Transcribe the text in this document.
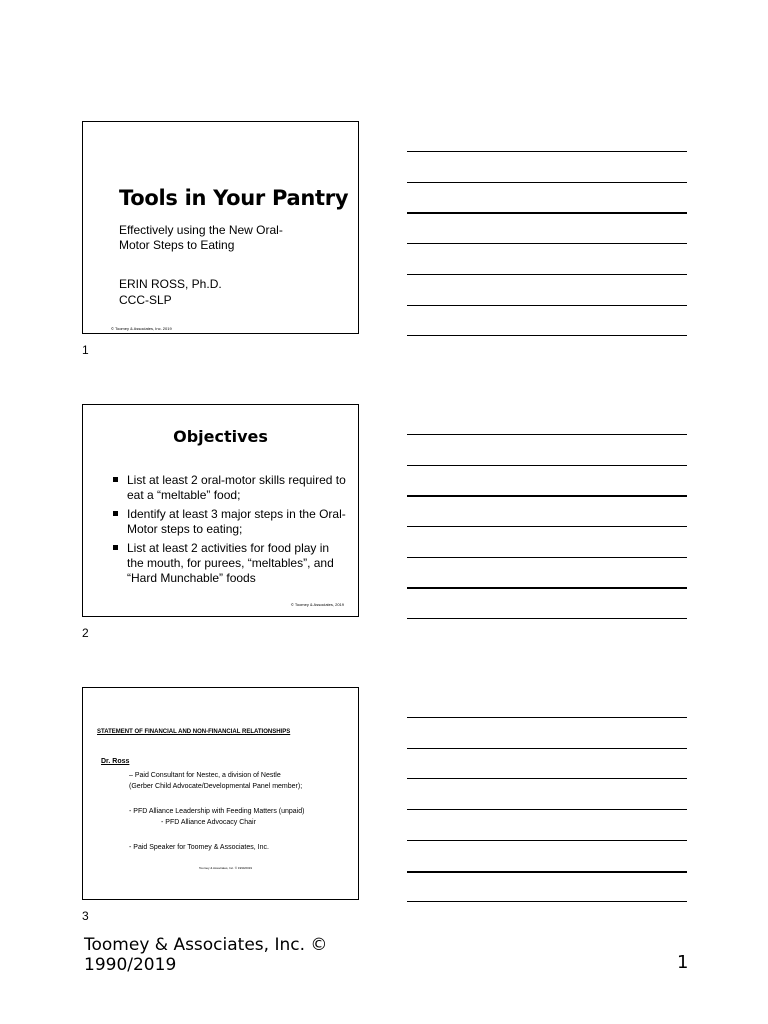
Tools in Your Pantry
Effectively using the New Oral-
Motor Steps to Eating
ERIN ROSS, Ph.D.
CCC-SLP
© Toomey & Associates, Inc. 2019
1
Objectives
List at least 2 oral-motor skills required to eat a “meltable” food;
Identify at least 3 major steps in the Oral-Motor steps to eating;
List at least 2 activities for food play in the mouth, for purees, “meltables”, and “Hard Munchable” foods
© Toomey & Associates, 2019
2
STATEMENT OF FINANCIAL AND NON-FINANCIAL RELATIONSHIPS
Dr. Ross
– Paid Consultant for Nestec, a division of Nestle
(Gerber Child Advocate/Developmental Panel member);
- PFD Alliance Leadership with Feeding Matters (unpaid)
- PFD Alliance Advocacy Chair
- Paid Speaker for Toomey & Associates, Inc.
Toomey & Associates, Inc. © 1990/2019
3
Toomey & Associates, Inc. ©
1990/2019	1
